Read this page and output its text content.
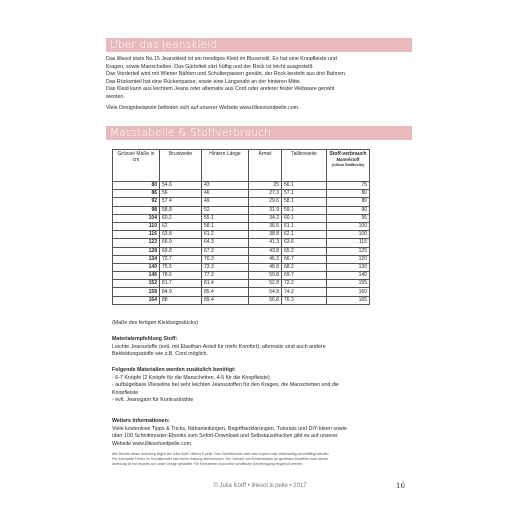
Über das Jeanskleid

Das lillesol stars No.15 Jeanskleid ist ein trendiges Kleid im Blusenstil. Es hat eine Knopfleiste und

Kragen, sowie Manschetten. Das Gürtelteil sitzt hüftig und der Rock ist leicht ausgestellt.

Das Vorderteil wird mit Wiener Nähten und Schulterpassen genäht, der Rock besteht aus drei Bahnen.

Das Rückenteil hat eine Rückenpasse, sowie eine Längsnaht an der hinteren Mitte.

Das Kleid kann aus leichtem Jeans oder alternativ aus Cord oder anderer fester Webware genäht

werden.

Viele Designbeispiele befinden sich auf unserer Website www.lillesolundpelle.com.

Masstabelle & Stoffverbrauch
Grösse/ Maße in cm	Brustweite	Hintere Länge	Ärmel	Taillenweite	Stoff-verbrauch
Mantelstoff
(140cm Stoffbreite)

80	54.6	43	25	56.1	75
86	56	46	27.3	57.1	80
92	57.4	49	29.6	58.1	80
98	58.8	52	31.9	59.1	90
104	60.2	55.1	34.2	60.1	95
110	62	58.1	36.5	61.1	100
116	63.8	61.2	38.8	62.1	100
122	66.9	64.3	41.3	63.6	115
128	69.8	67.3	43.8	65.2	125
134	72.7	70.3	46.3	66.7	120
140	75.5	73.3	48.8	68.2	130
146	78.6	77.3	50.8	69.7	140
152	81.7	81.4	52.8	72.2	155
158	84.9	85.4	54.8	74.2	160
164	88	89.4	56.8	76.3	165
(Maße des fertigen Kleidungsstücks)

Materialempfehlung Stoff:

Leichte Jeansstoffe (evtl. mit Elasthan-Anteil für mehr Komfort); alternativ sind auch andere

Bekleidungsstoffe wie z.B. Cord möglich.

Folgende Materialien werden zusätzlich benötigt:

- 6-7 Knöpfe (2 Knöpfe für die Manschetten, 4-5 für die Knopfleiste)

- aufbügelbare Vlieseline bei sehr leichten Jeansstoffen für den Kragen, die Manschetten und die

Knopfleiste

- evtl. Jeansgarn für Kontrastnähte

Weitere Informationen:

Viele kostenlose Tipps & Tricks, Nähanleitungen, Begriffserklärungen, Tutorials und DIY-Ideen sowie

über 100 Schnittmuster-Ebooks zum Sofort-Download und Selbstausdrucken gibt es auf unserer

Website www.lillesolundpelle.com.

Alle Rechte dieser Anleitung liegen bei Julia Korff / lillesol & pelle. Das Schnittmuster darf nicht kopiert oder anderweitig vervielfältigt werden.
Für eventuelle Fehler im Schnittmuster wird keine Haftung übernommen. Der Verkauf von Einzelstücken an genähten Modellen nach dieser
Anleitung ist mit Hinweis auf unser Design gestattet. Für Kleinserien muss eine schriftliche Genehmigung eingeholt werden.
© Julia Korff • lillesol & pelle • 2017	16
